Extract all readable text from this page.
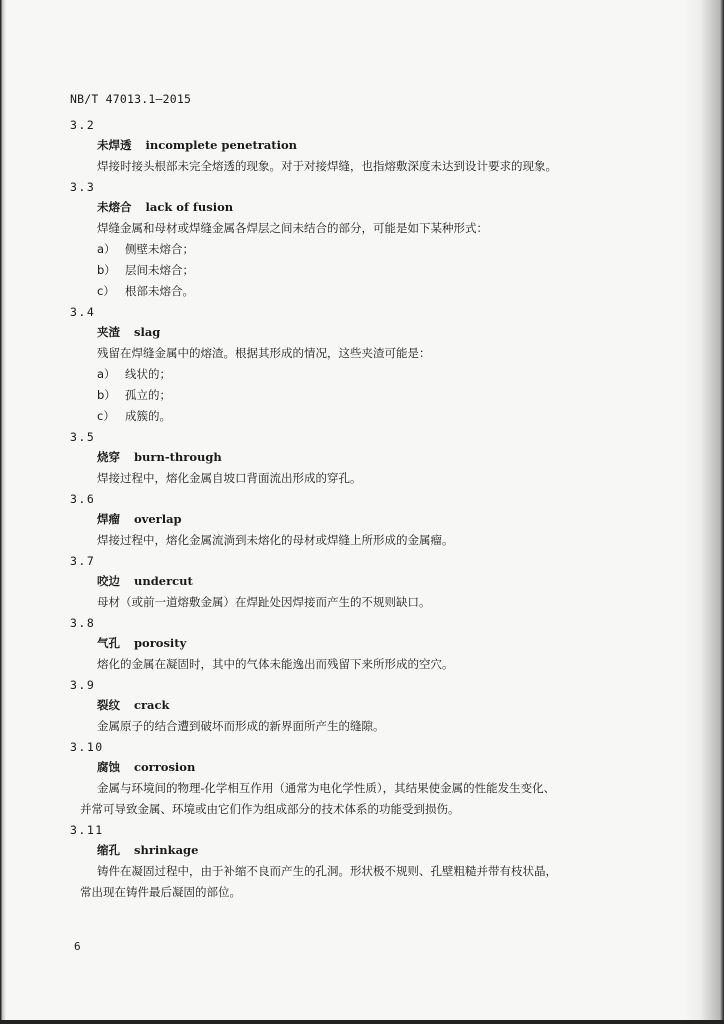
NB/T 47013.1—2015
3.2
未焊透 incomplete penetration
焊接时接头根部未完全熔透的现象。对于对接焊缝，也指熔敷深度未达到设计要求的现象。
3.3
未熔合 lack of fusion
焊缝金属和母材或焊缝金属各焊层之间未结合的部分，可能是如下某种形式：
a） 侧壁未熔合；
b） 层间未熔合；
c） 根部未熔合。
3.4
夹渣 slag
残留在焊缝金属中的熔渣。根据其形成的情况，这些夹渣可能是：
a） 线状的；
b） 孤立的；
c） 成簇的。
3.5
烧穿 burn-through
焊接过程中，熔化金属自坡口背面流出形成的穿孔。
3.6
焊瘤 overlap
焊接过程中，熔化金属流淌到未熔化的母材或焊缝上所形成的金属瘤。
3.7
咬边 undercut
母材（或前一道熔敷金属）在焊趾处因焊接而产生的不规则缺口。
3.8
气孔 porosity
熔化的金属在凝固时，其中的气体未能逸出而残留下来所形成的空穴。
3.9
裂纹 crack
金属原子的结合遭到破坏而形成的新界面所产生的缝隙。
3.10
腐蚀 corrosion
金属与环境间的物理-化学相互作用（通常为电化学性质），其结果使金属的性能发生变化、
并常可导致金属、环境或由它们作为组成部分的技术体系的功能受到损伤。
3.11
缩孔 shrinkage
铸件在凝固过程中，由于补缩不良而产生的孔洞。形状极不规则、孔壁粗糙并带有枝状晶，
常出现在铸件最后凝固的部位。
6
